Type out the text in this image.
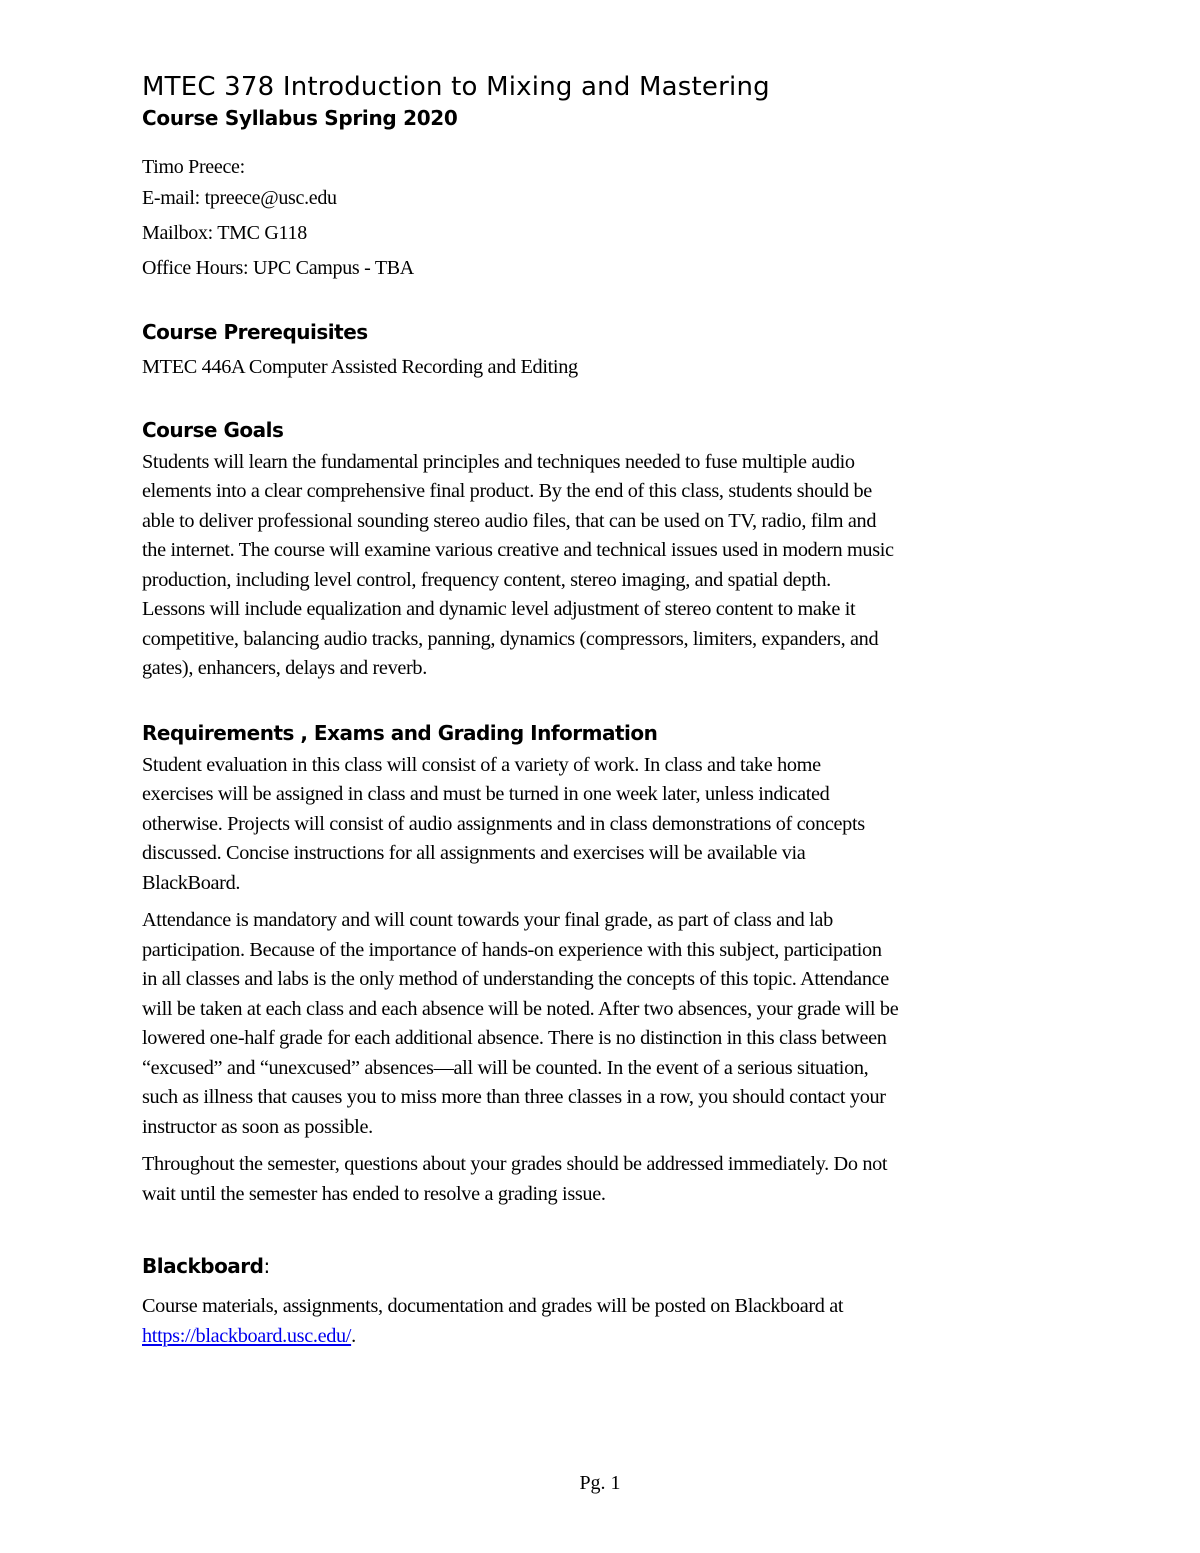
MTEC 378 Introduction to Mixing and Mastering
Course Syllabus Spring 2020
Timo Preece:
E-mail: tpreece@usc.edu
Mailbox: TMC G118
Office Hours: UPC Campus - TBA
Course Prerequisites

MTEC 446A Computer Assisted Recording and Editing

Course Goals

Students will learn the fundamental principles and techniques needed to fuse multiple audio
elements into a clear comprehensive final product. By the end of this class, students should be
able to deliver professional sounding stereo audio files, that can be used on TV, radio, film and
the internet. The course will examine various creative and technical issues used in modern music
production, including level control, frequency content, stereo imaging, and spatial depth.
Lessons will include equalization and dynamic level adjustment of stereo content to make it
competitive, balancing audio tracks, panning, dynamics (compressors, limiters, expanders, and
gates), enhancers, delays and reverb.

Requirements , Exams and Grading Information

Student evaluation in this class will consist of a variety of work. In class and take home
exercises will be assigned in class and must be turned in one week later, unless indicated
otherwise. Projects will consist of audio assignments and in class demonstrations of concepts
discussed. Concise instructions for all assignments and exercises will be available via
BlackBoard.

Attendance is mandatory and will count towards your final grade, as part of class and lab
participation. Because of the importance of hands-on experience with this subject, participation
in all classes and labs is the only method of understanding the concepts of this topic. Attendance
will be taken at each class and each absence will be noted. After two absences, your grade will be
lowered one-half grade for each additional absence. There is no distinction in this class between
“excused” and “unexcused” absences—all will be counted. In the event of a serious situation,
such as illness that causes you to miss more than three classes in a row, you should contact your
instructor as soon as possible.

Throughout the semester, questions about your grades should be addressed immediately. Do not
wait until the semester has ended to resolve a grading issue.

Blackboard:

Course materials, assignments, documentation and grades will be posted on Blackboard at
https://blackboard.usc.edu/.

Pg. 1
